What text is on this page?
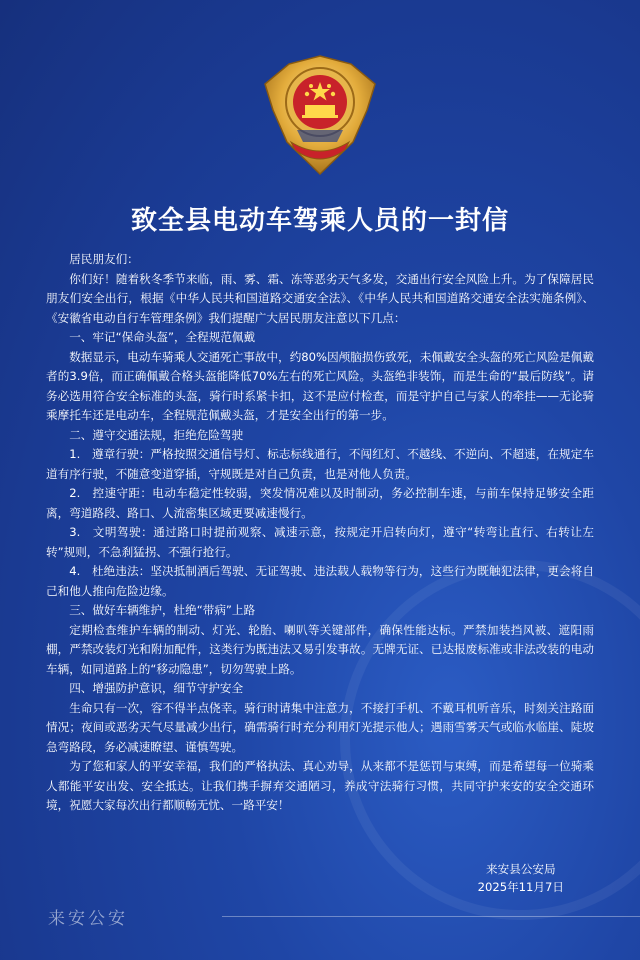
致全县电动车驾乘人员的一封信

居民朋友们：

你们好！随着秋冬季节来临，雨、雾、霜、冻等恶劣天气多发，交通出行安全风险上升。为了保障居民朋友们安全出行，根据《中华人民共和国道路交通安全法》、《中华人民共和国道路交通安全法实施条例》、《安徽省电动自行车管理条例》我们提醒广大居民朋友注意以下几点：

一、牢记“保命头盔”，全程规范佩戴

数据显示，电动车骑乘人交通死亡事故中，约80%因颅脑损伤致死，未佩戴安全头盔的死亡风险是佩戴者的3.9倍，而正确佩戴合格头盔能降低70%左右的死亡风险。头盔绝非装饰，而是生命的“最后防线”。请务必选用符合安全标准的头盔，骑行时系紧卡扣，这不是应付检查，而是守护自己与家人的牵挂——无论骑乘摩托车还是电动车，全程规范佩戴头盔，才是安全出行的第一步。

二、遵守交通法规，拒绝危险驾驶

1.　遵章行驶：严格按照交通信号灯、标志标线通行，不闯红灯、不越线、不逆向、不超速，在规定车道有序行驶，不随意变道穿插，守规既是对自己负责，也是对他人负责。

2.　控速守距：电动车稳定性较弱，突发情况难以及时制动，务必控制车速，与前车保持足够安全距离，弯道路段、路口、人流密集区域更要减速慢行。

3.　文明驾驶：通过路口时提前观察、减速示意，按规定开启转向灯，遵守“转弯让直行、右转让左转”规则，不急刹猛拐、不强行抢行。

4.　杜绝违法：坚决抵制酒后驾驶、无证驾驶、违法载人载物等行为，这些行为既触犯法律，更会将自己和他人推向危险边缘。

三、做好车辆维护，杜绝“带病”上路

定期检查维护车辆的制动、灯光、轮胎、喇叭等关键部件，确保性能达标。严禁加装挡风被、遮阳雨棚，严禁改装灯光和附加配件，这类行为既违法又易引发事故。无牌无证、已达报废标准或非法改装的电动车辆，如同道路上的“移动隐患”，切勿驾驶上路。

四、增强防护意识，细节守护安全

生命只有一次，容不得半点侥幸。骑行时请集中注意力，不接打手机、不戴耳机听音乐，时刻关注路面情况；夜间或恶劣天气尽量减少出行，确需骑行时充分利用灯光提示他人；遇雨雪雾天气或临水临崖、陡坡急弯路段，务必减速瞭望、谨慎驾驶。

为了您和家人的平安幸福，我们的严格执法、真心劝导，从来都不是惩罚与束缚，而是希望每一位骑乘人都能平安出发、安全抵达。让我们携手摒弃交通陋习，养成守法骑行习惯，共同守护来安的安全交通环境，祝愿大家每次出行都顺畅无忧、一路平安！

来安县公安局
2025年11月7日
来安公安
